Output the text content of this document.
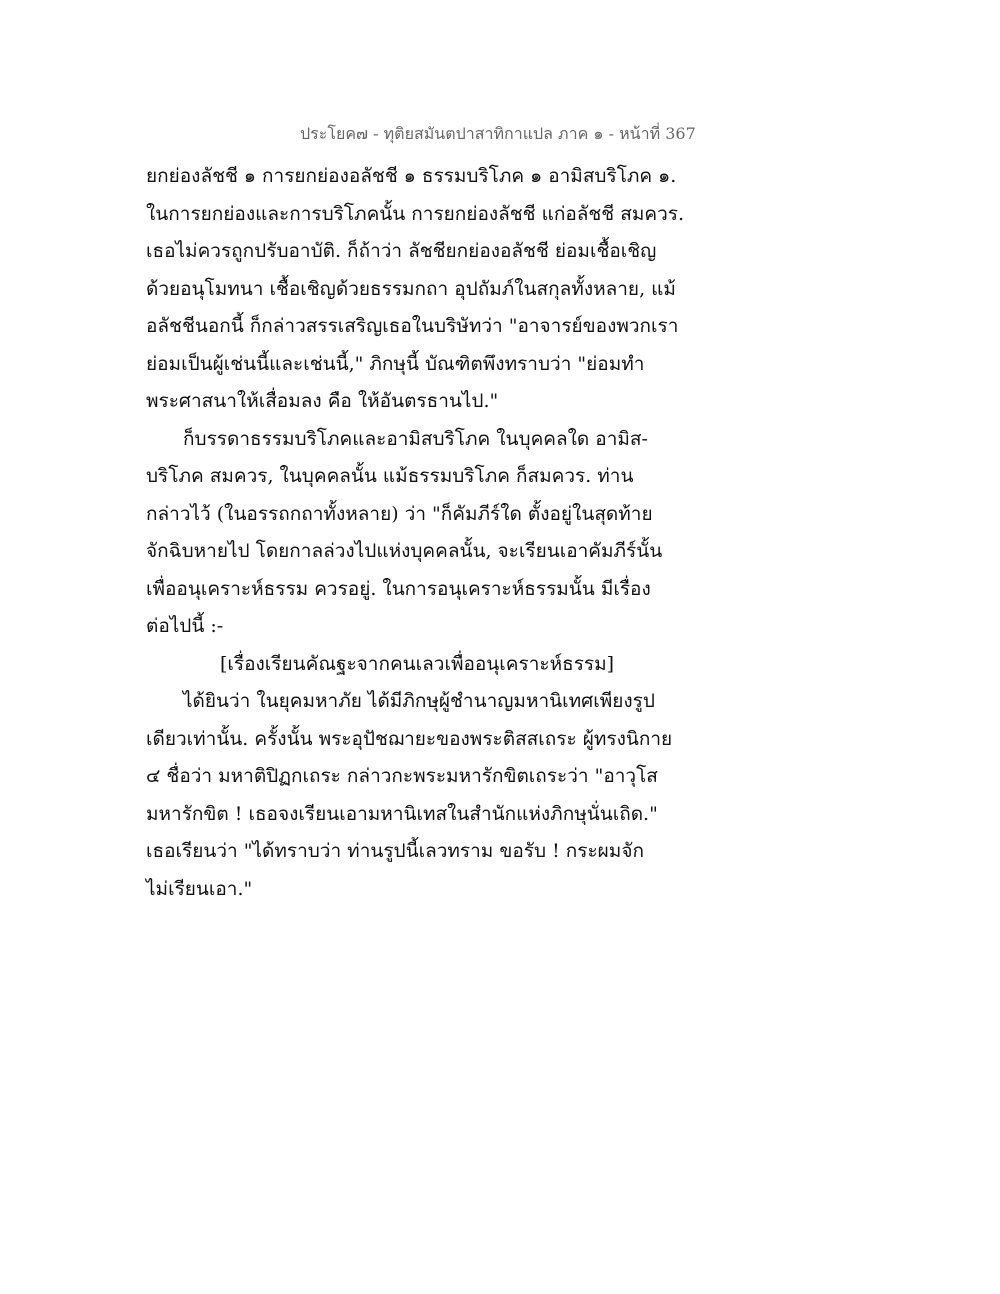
ประโยค๗ - ทุติยสมันตปาสาทิกาแปล ภาค ๑ - หน้าที่ 367
ยกย่องลัชชี ๑ การยกย่องอลัชชี ๑ ธรรมบริโภค ๑ อามิสบริโภค ๑.
ในการยกย่องและการบริโภคนั้น การยกย่องลัชชี แก่อลัชชี สมควร.
เธอไม่ควรถูกปรับอาบัติ. ก็ถ้าว่า ลัชชียกย่องอลัชชี ย่อมเชื้อเชิญ
ด้วยอนุโมทนา เชื้อเชิญด้วยธรรมกถา อุปถัมภ์ในสกุลทั้งหลาย, แม้
อลัชชีนอกนี้ ก็กล่าวสรรเสริญเธอในบริษัทว่า "อาจารย์ของพวกเรา
ย่อมเป็นผู้เช่นนี้และเช่นนี้," ภิกษุนี้ บัณฑิตพึงทราบว่า "ย่อมทำ
พระศาสนาให้เสื่อมลง คือ ให้อันตรธานไป."
ก็บรรดาธรรมบริโภคและอามิสบริโภค ในบุคคลใด อามิส-
บริโภค สมควร, ในบุคคลนั้น แม้ธรรมบริโภค ก็สมควร. ท่าน
กล่าวไว้ (ในอรรถกถาทั้งหลาย) ว่า "ก็คัมภีร์ใด ตั้งอยู่ในสุดท้าย
จักฉิบหายไป โดยกาลล่วงไปแห่งบุคคลนั้น, จะเรียนเอาคัมภีร์นั้น
เพื่ออนุเคราะห์ธรรม ควรอยู่. ในการอนุเคราะห์ธรรมนั้น มีเรื่อง
ต่อไปนี้ :-
[เรื่องเรียนคัณฐะจากคนเลวเพื่ออนุเคราะห์ธรรม]
ได้ยินว่า ในยุคมหาภัย ได้มีภิกษุผู้ชำนาญมหานิเทศเพียงรูป
เดียวเท่านั้น. ครั้งนั้น พระอุปัชฌายะของพระติสสเถระ ผู้ทรงนิกาย
๔ ชื่อว่า มหาติปิฏกเถระ กล่าวกะพระมหารักขิตเถระว่า "อาวุโส
มหารักขิต ! เธอจงเรียนเอามหานิเทสในสำนักแห่งภิกษุนั่นเถิด."
เธอเรียนว่า "ได้ทราบว่า ท่านรูปนี้เลวทราม ขอรับ ! กระผมจัก
ไม่เรียนเอา."
